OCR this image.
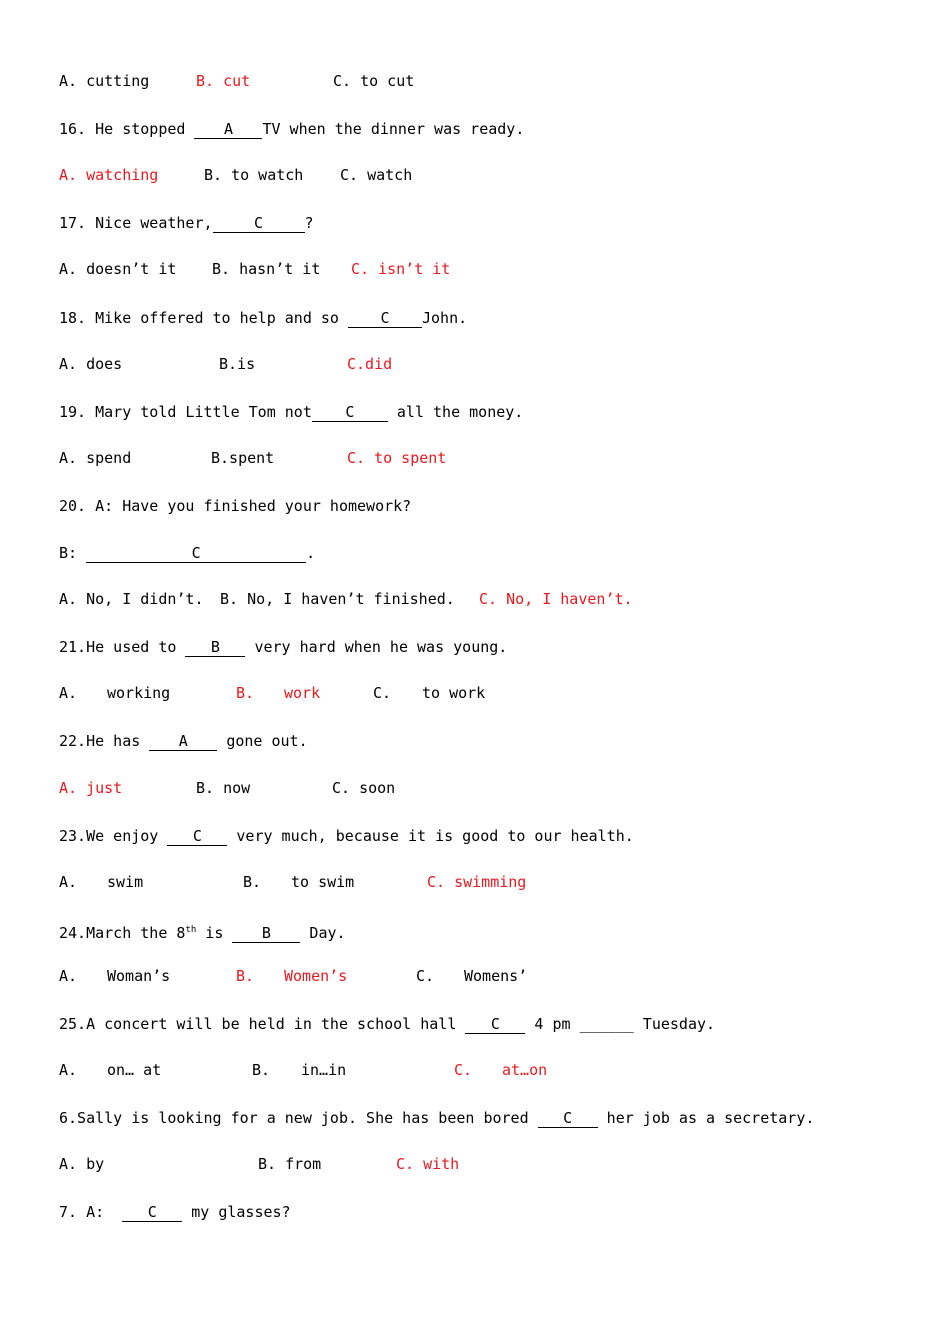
A. cutting	B. cut	C. to cut
16. He stopped A TV when the dinner was ready.
A. watching	B. to watch C. watch
17. Nice weather,	C	?
A. doesn’t it B. hasn’t it C. isn’t it
18. Mike offered to help and so C John.
A. does	B.is	C.did
19. Mary told Little Tom not C all the money.
A. spend	B.spent	C. to spent
20. A: Have you finished your homework?
B:	C	.
A. No, I didn’t. B. No, I haven’t finished. C. No, I haven’t.
21.He used to B very hard when he was young.
A. working	B. work	C. to work
22.He has A gone out.
A. just	B. now	C. soon
23.We enjoy C very much, because it is good to our health.
A. swim	B. to swim	C. swimming
24.March the 8th is B Day.
A. Woman’s	B. Women’s	C. Womens’
25.A concert will be held in the school hall C 4 pm ______ Tuesday.
A. on… at	B. in…in	C. at…on
6.Sally is looking for a new job. She has been bored C her job as a secretary.
A. by	B. from	C. with
7. A:  C my glasses?
